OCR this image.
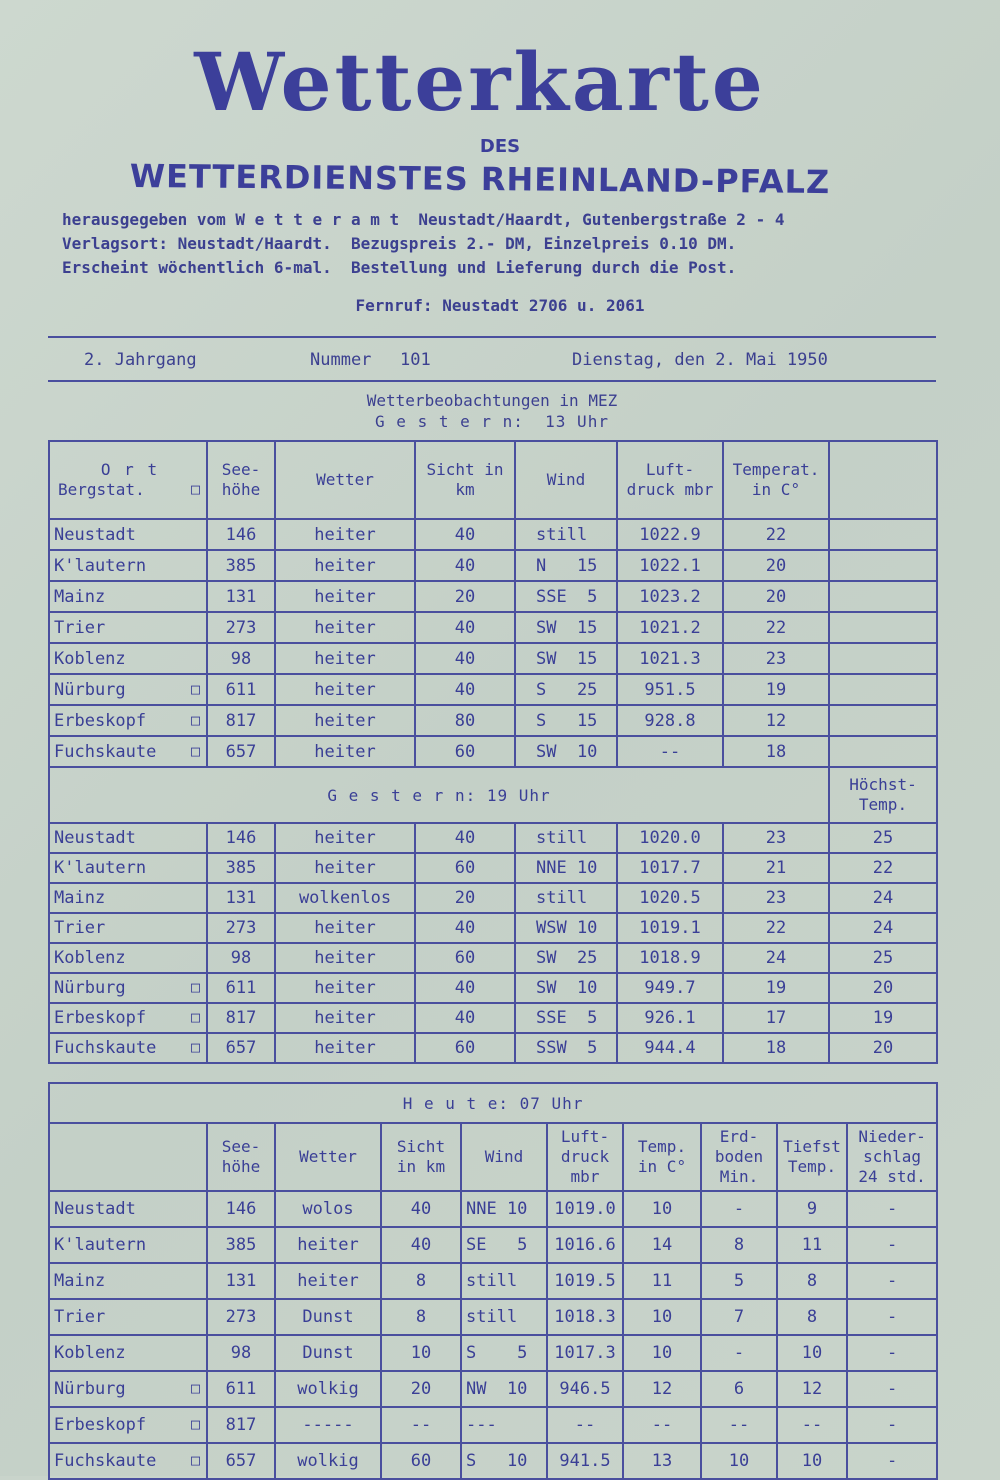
Wetterkarte
DES
WETTERDIENSTES RHEINLAND-PFALZ
herausgegeben vom W e t t e r a m t  Neustadt/Haardt, Gutenbergstraße 2 - 4
Verlagsort: Neustadt/Haardt.  Bezugspreis 2.- DM, Einzelpreis 0.10 DM.
Erscheint wöchentlich 6-mal.  Bestellung und Lieferung durch die Post.
Fernruf: Neustadt 2706 u. 2061
2. Jahrgang	Nummer 101	Dienstag, den 2. Mai 1950
Wetterbeobachtungen in MEZ
G e s t e r n:  13 Uhr
O r t
Bergstat. □	See- höhe	Wetter	Sicht in km	Wind	Luft- druck mbr	Temperat. in C°	
Neustadt	146	heiter	40	still	1022.9	22	
K'lautern	385	heiter	40	N   15	1022.1	20	
Mainz	131	heiter	20	SSE  5	1023.2	20	
Trier	273	heiter	40	SW  15	1021.2	22	
Koblenz	98	heiter	40	SW  15	1021.3	23	
Nürburg □	611	heiter	40	S   25	951.5	19	
Erbeskopf □	817	heiter	80	S   15	928.8	12	
Fuchskaute □	657	heiter	60	SW  10	--	18	
G e s t e r n: 19 Uhr							Höchst- Temp.
Neustadt	146	heiter	40	still	1020.0	23	25
K'lautern	385	heiter	60	NNE 10	1017.7	21	22
Mainz	131	wolkenlos	20	still	1020.5	23	24
Trier	273	heiter	40	WSW 10	1019.1	22	24
Koblenz	98	heiter	60	SW  25	1018.9	24	25
Nürburg □	611	heiter	40	SW  10	949.7	19	20
Erbeskopf □	817	heiter	40	SSE  5	926.1	17	19
Fuchskaute □	657	heiter	60	SSW  5	944.4	18	20
H e u t e: 07 Uhr									
	See- höhe	Wetter	Sicht in km	Wind	Luft- druck mbr	Temp. in C°	Erd- boden Min.	Tiefst Temp.	Nieder- schlag 24 std.
Neustadt	146	wolos	40	NNE 10	1019.0	10	-	9	-
K'lautern	385	heiter	40	SE   5	1016.6	14	8	11	-
Mainz	131	heiter	8	still	1019.5	11	5	8	-
Trier	273	Dunst	8	still	1018.3	10	7	8	-
Koblenz	98	Dunst	10	S    5	1017.3	10	-	10	-
Nürburg □	611	wolkig	20	NW  10	946.5	12	6	12	-
Erbeskopf □	817	-----	--	---	--	--	--	--	-
Fuchskaute □	657	wolkig	60	S   10	941.5	13	10	10	-
